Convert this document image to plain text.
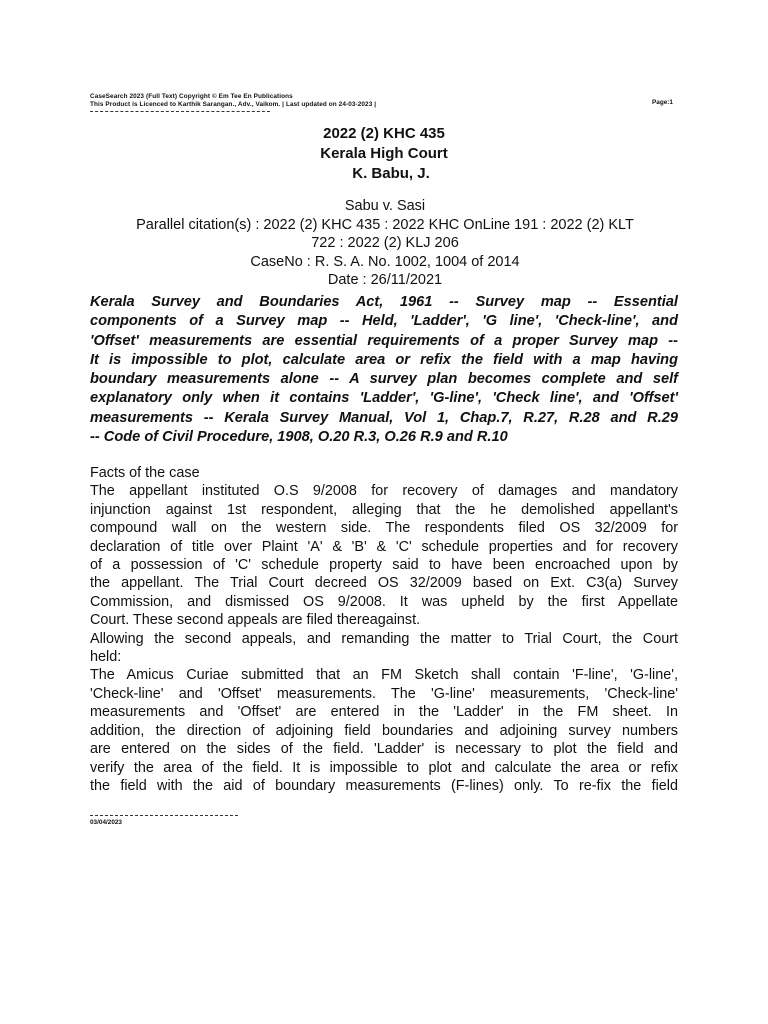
CaseSearch 2023 (Full Text) Copyright © Em Tee En Publications
This Product is Licenced to Karthik Sarangan., Adv., Vaikom. | Last updated on 24-03-2023 |	Page:1
2022 (2) KHC 435
Kerala High Court
K. Babu, J.
Sabu v. Sasi
Parallel citation(s) : 2022 (2) KHC 435 : 2022 KHC OnLine 191 : 2022 (2) KLT
722 : 2022 (2) KLJ 206
CaseNo : R. S. A. No. 1002, 1004 of 2014
Date : 26/11/2021
Kerala Survey and Boundaries Act, 1961 -- Survey map -- Essential
components of a Survey map -- Held, 'Ladder', 'G line', 'Check-line', and
'Offset' measurements are essential requirements of a proper Survey map --
It is impossible to plot, calculate area or refix the field with a map having
boundary measurements alone -- A survey plan becomes complete and self
explanatory only when it contains 'Ladder', 'G-line', 'Check line', and 'Offset'
measurements -- Kerala Survey Manual, Vol 1, Chap.7, R.27, R.28 and R.29
-- Code of Civil Procedure, 1908, O.20 R.3, O.26 R.9 and R.10
Facts of the case
The appellant instituted O.S 9/2008 for recovery of damages and mandatory
injunction against 1st respondent, alleging that the he demolished appellant's
compound wall on the western side. The respondents filed OS 32/2009 for
declaration of title over Plaint 'A' & 'B' & 'C' schedule properties and for recovery
of a possession of 'C' schedule property said to have been encroached upon by
the appellant. The Trial Court decreed OS 32/2009 based on Ext. C3(a) Survey
Commission, and dismissed OS 9/2008. It was upheld by the first Appellate
Court. These second appeals are filed thereagainst.
Allowing the second appeals, and remanding the matter to Trial Court, the Court
held:
The Amicus Curiae submitted that an FM Sketch shall contain 'F-line', 'G-line',
'Check-line' and 'Offset' measurements. The 'G-line' measurements, 'Check-line'
measurements and 'Offset' are entered in the 'Ladder' in the FM sheet. In
addition, the direction of adjoining field boundaries and adjoining survey numbers
are entered on the sides of the field. 'Ladder' is necessary to plot the field and
verify the area of the field. It is impossible to plot and calculate the area or refix
the field with the aid of boundary measurements (F-lines) only. To re-fix the field
03/04/2023
